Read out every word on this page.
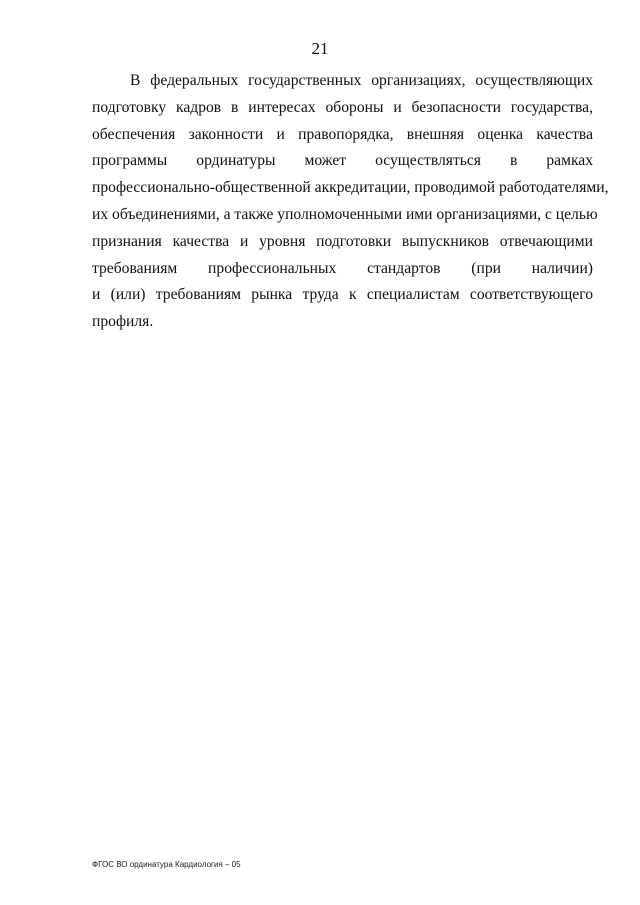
21
В федеральных государственных организациях, осуществляющих
подготовку кадров в интересах обороны и безопасности государства,
обеспечения законности и правопорядка, внешняя оценка качества
программы ординатуры может осуществляться в рамках
профессионально-общественной аккредитации, проводимой работодателями,
их объединениями, а также уполномоченными ими организациями, с целью
признания качества и уровня подготовки выпускников отвечающими
требованиям профессиональных стандартов (при наличии)
и (или) требованиям рынка труда к специалистам соответствующего
профиля.
ФГОС ВО ординатура Кардиология – 05
